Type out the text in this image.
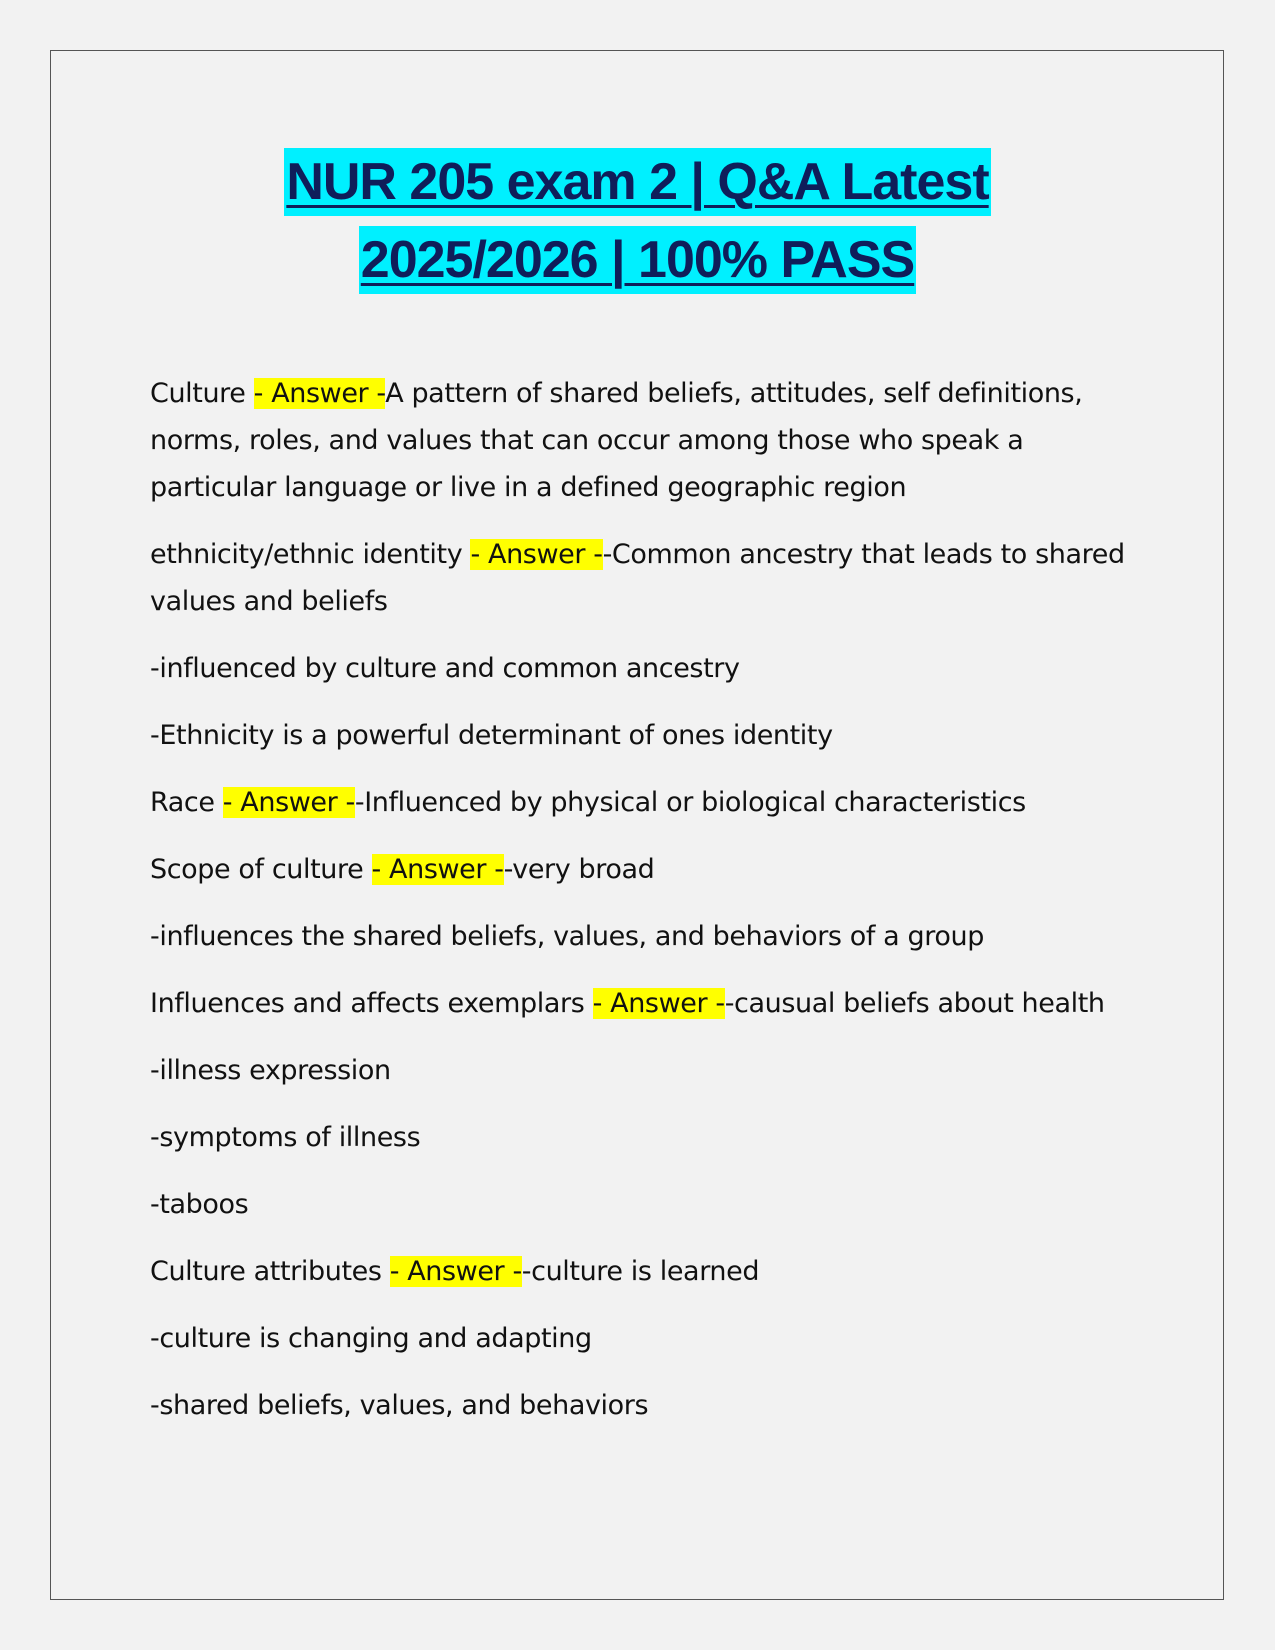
NUR 205 exam 2 | Q&A Latest
2025/2026 | 100% PASS

Culture - Answer -A pattern of shared beliefs, attitudes, self definitions, norms, roles, and values that can occur among those who speak a particular language or live in a defined geographic region

ethnicity/ethnic identity - Answer --Common ancestry that leads to shared values and beliefs

-influenced by culture and common ancestry

-Ethnicity is a powerful determinant of ones identity

Race - Answer --Influenced by physical or biological characteristics

Scope of culture - Answer --very broad

-influences the shared beliefs, values, and behaviors of a group

Influences and affects exemplars - Answer --causual beliefs about health

-illness expression

-symptoms of illness

-taboos

Culture attributes - Answer --culture is learned

-culture is changing and adapting

-shared beliefs, values, and behaviors
